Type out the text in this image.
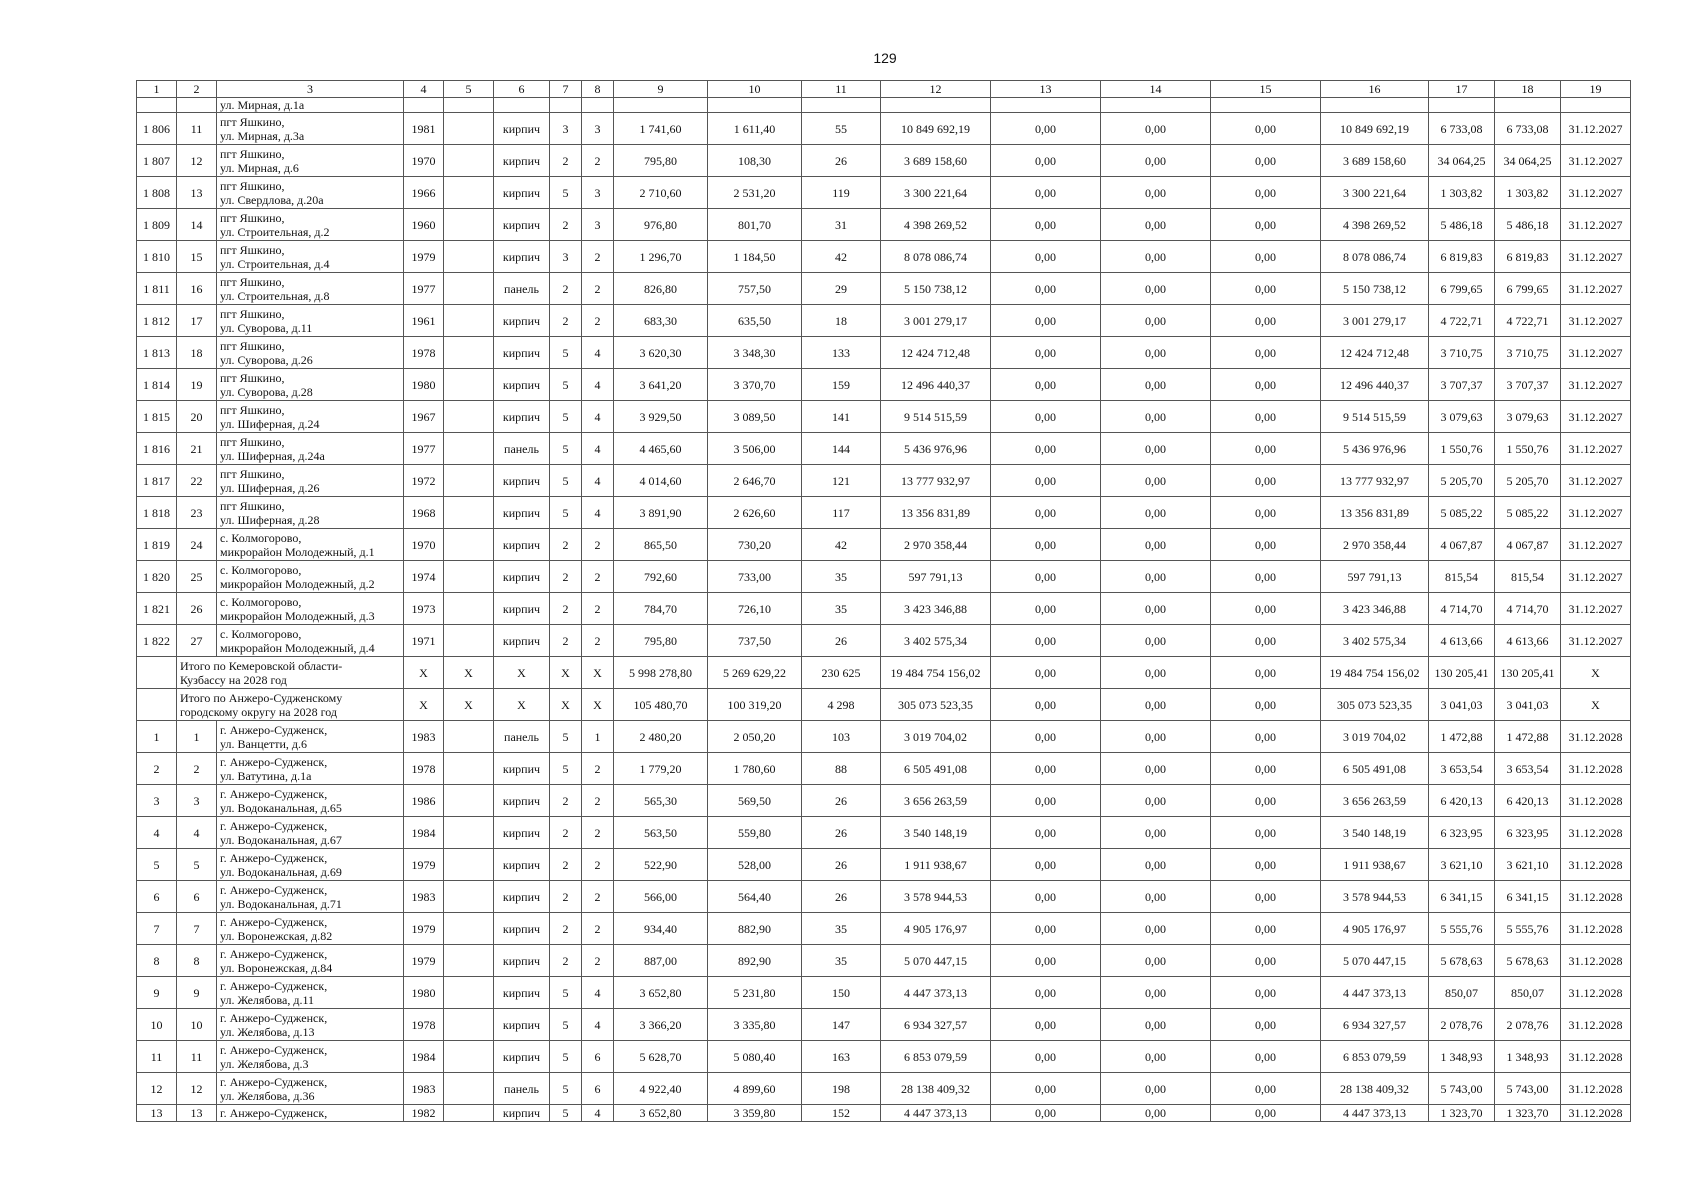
129
1	2	3	4	5	6	7	8	9	10	11	12	13	14	15	16	17	18	19
		ул. Мирная, д.1а																
1 806	11	пгт Яшкино,
ул. Мирная, д.3а	1981		кирпич	3	3	1 741,60	1 611,40	55	10 849 692,19	0,00	0,00	0,00	10 849 692,19	6 733,08	6 733,08	31.12.2027
1 807	12	пгт Яшкино,
ул. Мирная, д.6	1970		кирпич	2	2	795,80	108,30	26	3 689 158,60	0,00	0,00	0,00	3 689 158,60	34 064,25	34 064,25	31.12.2027
1 808	13	пгт Яшкино,
ул. Свердлова, д.20а	1966		кирпич	5	3	2 710,60	2 531,20	119	3 300 221,64	0,00	0,00	0,00	3 300 221,64	1 303,82	1 303,82	31.12.2027
1 809	14	пгт Яшкино,
ул. Строительная, д.2	1960		кирпич	2	3	976,80	801,70	31	4 398 269,52	0,00	0,00	0,00	4 398 269,52	5 486,18	5 486,18	31.12.2027
1 810	15	пгт Яшкино,
ул. Строительная, д.4	1979		кирпич	3	2	1 296,70	1 184,50	42	8 078 086,74	0,00	0,00	0,00	8 078 086,74	6 819,83	6 819,83	31.12.2027
1 811	16	пгт Яшкино,
ул. Строительная, д.8	1977		панель	2	2	826,80	757,50	29	5 150 738,12	0,00	0,00	0,00	5 150 738,12	6 799,65	6 799,65	31.12.2027
1 812	17	пгт Яшкино,
ул. Суворова, д.11	1961		кирпич	2	2	683,30	635,50	18	3 001 279,17	0,00	0,00	0,00	3 001 279,17	4 722,71	4 722,71	31.12.2027
1 813	18	пгт Яшкино,
ул. Суворова, д.26	1978		кирпич	5	4	3 620,30	3 348,30	133	12 424 712,48	0,00	0,00	0,00	12 424 712,48	3 710,75	3 710,75	31.12.2027
1 814	19	пгт Яшкино,
ул. Суворова, д.28	1980		кирпич	5	4	3 641,20	3 370,70	159	12 496 440,37	0,00	0,00	0,00	12 496 440,37	3 707,37	3 707,37	31.12.2027
1 815	20	пгт Яшкино,
ул. Шиферная, д.24	1967		кирпич	5	4	3 929,50	3 089,50	141	9 514 515,59	0,00	0,00	0,00	9 514 515,59	3 079,63	3 079,63	31.12.2027
1 816	21	пгт Яшкино,
ул. Шиферная, д.24а	1977		панель	5	4	4 465,60	3 506,00	144	5 436 976,96	0,00	0,00	0,00	5 436 976,96	1 550,76	1 550,76	31.12.2027
1 817	22	пгт Яшкино,
ул. Шиферная, д.26	1972		кирпич	5	4	4 014,60	2 646,70	121	13 777 932,97	0,00	0,00	0,00	13 777 932,97	5 205,70	5 205,70	31.12.2027
1 818	23	пгт Яшкино,
ул. Шиферная, д.28	1968		кирпич	5	4	3 891,90	2 626,60	117	13 356 831,89	0,00	0,00	0,00	13 356 831,89	5 085,22	5 085,22	31.12.2027
1 819	24	с. Колмогорово,
микрорайон Молодежный, д.1	1970		кирпич	2	2	865,50	730,20	42	2 970 358,44	0,00	0,00	0,00	2 970 358,44	4 067,87	4 067,87	31.12.2027
1 820	25	с. Колмогорово,
микрорайон Молодежный, д.2	1974		кирпич	2	2	792,60	733,00	35	597 791,13	0,00	0,00	0,00	597 791,13	815,54	815,54	31.12.2027
1 821	26	с. Колмогорово,
микрорайон Молодежный, д.3	1973		кирпич	2	2	784,70	726,10	35	3 423 346,88	0,00	0,00	0,00	3 423 346,88	4 714,70	4 714,70	31.12.2027
1 822	27	с. Колмогорово,
микрорайон Молодежный, д.4	1971		кирпич	2	2	795,80	737,50	26	3 402 575,34	0,00	0,00	0,00	3 402 575,34	4 613,66	4 613,66	31.12.2027

	Итого по Кемеровской области-
Кузбассу на 2028 год		X	X	X	X	X	5 998 278,80	5 269 629,22	230 625	19 484 754 156,02	0,00	0,00	0,00	19 484 754 156,02	130 205,41	130 205,41	X

	Итого по Анжеро-Судженскому
городскому округу на 2028 год		X	X	X	X	X	105 480,70	100 319,20	4 298	305 073 523,35	0,00	0,00	0,00	305 073 523,35	3 041,03	3 041,03	X
1	1	г. Анжеро-Судженск,
ул. Ванцетти, д.6	1983		панель	5	1	2 480,20	2 050,20	103	3 019 704,02	0,00	0,00	0,00	3 019 704,02	1 472,88	1 472,88	31.12.2028
2	2	г. Анжеро-Судженск,
ул. Ватутина, д.1а	1978		кирпич	5	2	1 779,20	1 780,60	88	6 505 491,08	0,00	0,00	0,00	6 505 491,08	3 653,54	3 653,54	31.12.2028
3	3	г. Анжеро-Судженск,
ул. Водоканальная, д.65	1986		кирпич	2	2	565,30	569,50	26	3 656 263,59	0,00	0,00	0,00	3 656 263,59	6 420,13	6 420,13	31.12.2028
4	4	г. Анжеро-Судженск,
ул. Водоканальная, д.67	1984		кирпич	2	2	563,50	559,80	26	3 540 148,19	0,00	0,00	0,00	3 540 148,19	6 323,95	6 323,95	31.12.2028
5	5	г. Анжеро-Судженск,
ул. Водоканальная, д.69	1979		кирпич	2	2	522,90	528,00	26	1 911 938,67	0,00	0,00	0,00	1 911 938,67	3 621,10	3 621,10	31.12.2028
6	6	г. Анжеро-Судженск,
ул. Водоканальная, д.71	1983		кирпич	2	2	566,00	564,40	26	3 578 944,53	0,00	0,00	0,00	3 578 944,53	6 341,15	6 341,15	31.12.2028
7	7	г. Анжеро-Судженск,
ул. Воронежская, д.82	1979		кирпич	2	2	934,40	882,90	35	4 905 176,97	0,00	0,00	0,00	4 905 176,97	5 555,76	5 555,76	31.12.2028
8	8	г. Анжеро-Судженск,
ул. Воронежская, д.84	1979		кирпич	2	2	887,00	892,90	35	5 070 447,15	0,00	0,00	0,00	5 070 447,15	5 678,63	5 678,63	31.12.2028
9	9	г. Анжеро-Судженск,
ул. Желябова, д.11	1980		кирпич	5	4	3 652,80	5 231,80	150	4 447 373,13	0,00	0,00	0,00	4 447 373,13	850,07	850,07	31.12.2028
10	10	г. Анжеро-Судженск,
ул. Желябова, д.13	1978		кирпич	5	4	3 366,20	3 335,80	147	6 934 327,57	0,00	0,00	0,00	6 934 327,57	2 078,76	2 078,76	31.12.2028
11	11	г. Анжеро-Судженск,
ул. Желябова, д.3	1984		кирпич	5	6	5 628,70	5 080,40	163	6 853 079,59	0,00	0,00	0,00	6 853 079,59	1 348,93	1 348,93	31.12.2028
12	12	г. Анжеро-Судженск,
ул. Желябова, д.36	1983		панель	5	6	4 922,40	4 899,60	198	28 138 409,32	0,00	0,00	0,00	28 138 409,32	5 743,00	5 743,00	31.12.2028
13	13	г. Анжеро-Судженск,	1982		кирпич	5	4	3 652,80	3 359,80	152	4 447 373,13	0,00	0,00	0,00	4 447 373,13	1 323,70	1 323,70	31.12.2028
